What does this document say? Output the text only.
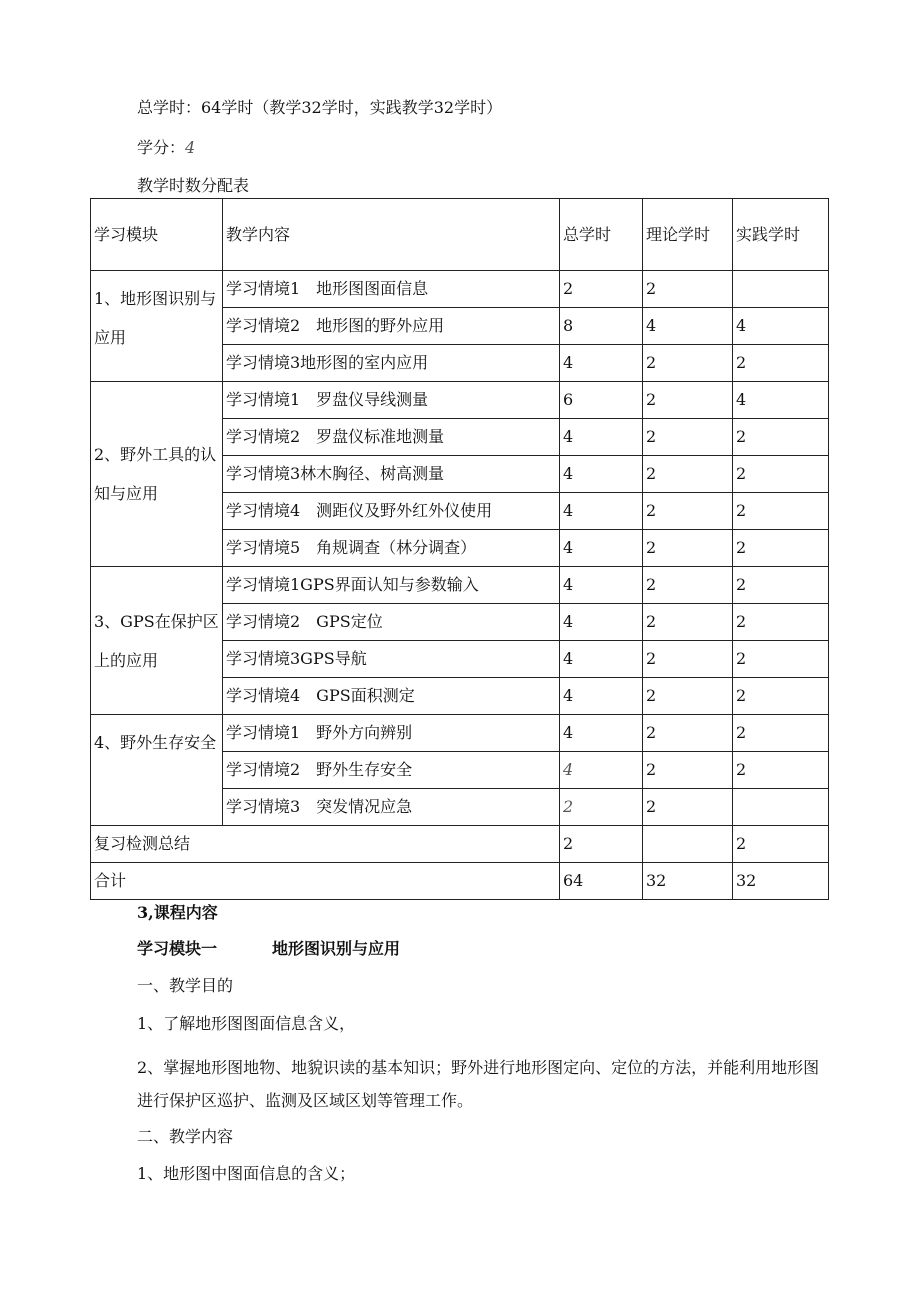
总学时：64学时（教学32学时，实践教学32学时）
学分：4
教学时数分配表
学习模块	教学内容	总学时	理论学时	实践学时
1、地形图识别与应用	学习情境1　地形图图面信息	2	2	
	学习情境2　地形图的野外应用	8	4	4
	学习情境3地形图的室内应用	4	2	2
2、野外工具的认知与应用	学习情境1　罗盘仪导线测量	6	2	4
	学习情境2　罗盘仪标准地测量	4	2	2
	学习情境3林木胸径、树高测量	4	2	2
	学习情境4　测距仪及野外红外仪使用	4	2	2
	学习情境5　角规调查（林分调查）	4	2	2
3、GPS在保护区上的应用	学习情境1GPS界面认知与参数输入	4	2	2
	学习情境2　GPS定位	4	2	2
	学习情境3GPS导航	4	2	2
	学习情境4　GPS面积测定	4	2	2
4、野外生存安全	学习情境1　野外方向辨别	4	2	2
	学习情境2　野外生存安全	4	2	2
	学习情境3　突发情况应急	2	2	
复习检测总结		2		2
合计		64	32	32
3,课程内容
学习模块一	地形图识别与应用
一、教学目的
1、了解地形图图面信息含义，
2、掌握地形图地物、地貌识读的基本知识；野外进行地形图定向、定位的方法，并能利用地形图进行保护区巡护、监测及区域区划等管理工作。
二、教学内容
1、地形图中图面信息的含义；
